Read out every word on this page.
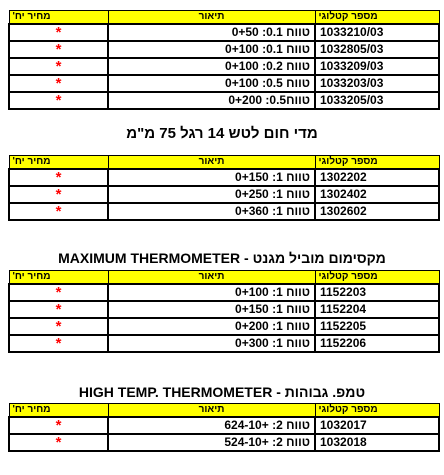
מספר קטלוגי	תיאור	מחיר יח'
1033210/03	טווח 0.1: 0+50	*
1032805/03	טווח 0.1: 0+100	*
1033209/03	טווח 0.2: 0+100	*
1033203/03	טווח 0.5: 0+100	*
1033205/03	טווח0.5: 0+200	*
מדי חום לטש 14 רגל 75 מ"מ
מספר קטלוגי	תיאור	מחיר יח'
1302202	טווח 1: 0+150	*
1302402	טווח 1: 0+250	*
1302602	טווח 1: 0+360	*
MAXIMUM THERMOMETER - מקסימום מוביל מגנט
מספר קטלוגי	תיאור	מחיר יח'
1152203	טווח 1: 0+100	*
1152204	טווח 1: 0+150	*
1152205	טווח 1: 0+200	*
1152206	טווח 1: 0+300	*
HIGH TEMP. THERMOMETER - טמפ. גבוהות
מספר קטלוגי	תיאור	מחיר יח'
1032017	טווח 2: +624-10	*
1032018	טווח 2: +524-10	*
